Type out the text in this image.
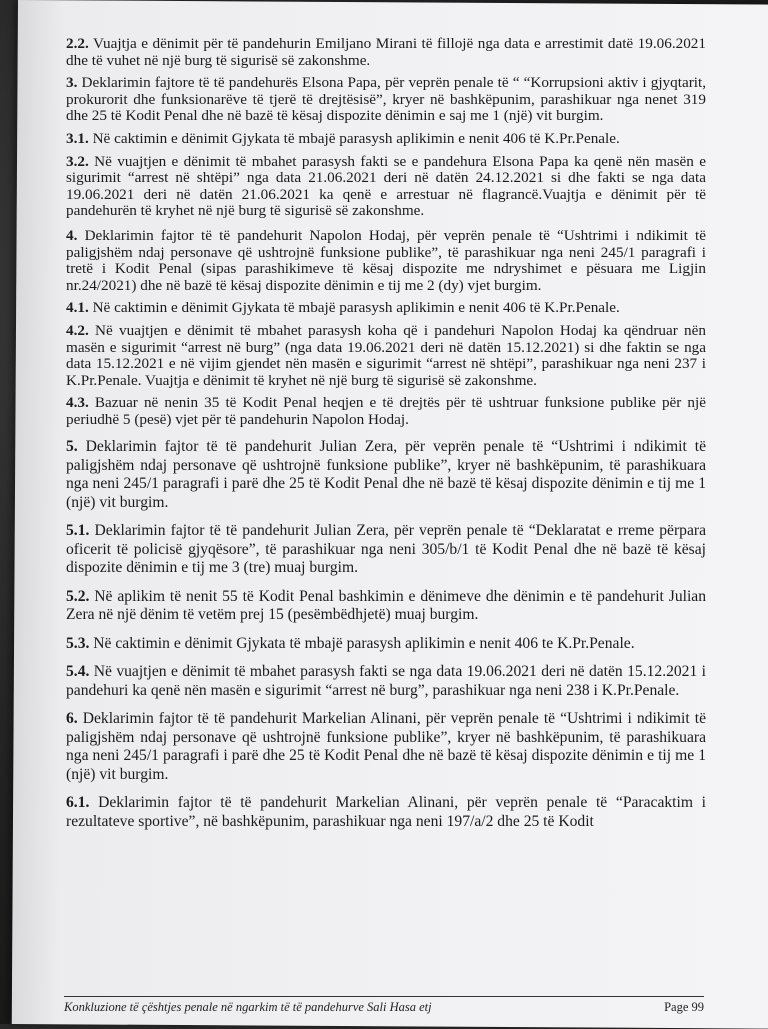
2.2. Vuajtja e dënimit për të pandehurin Emiljano Mirani të fillojë nga data e arrestimit datë 19.06.2021 dhe të vuhet në një burg të sigurisë së zakonshme.

3. Deklarimin fajtore të të pandehurës Elsona Papa, për veprën penale të “ “Korrupsioni aktiv i gjyqtarit, prokurorit dhe funksionarëve të tjerë të drejtësisë”, kryer në bashkëpunim, parashikuar nga nenet 319 dhe 25 të Kodit Penal dhe në bazë të kësaj dispozite dënimin e saj me 1 (një) vit burgim.

3.1. Në caktimin e dënimit Gjykata të mbajë parasysh aplikimin e nenit 406 të K.Pr.Penale.

3.2. Në vuajtjen e dënimit të mbahet parasysh fakti se e pandehura Elsona Papa ka qenë nën masën e sigurimit “arrest në shtëpi” nga data 21.06.2021 deri në datën 24.12.2021 si dhe fakti se nga data 19.06.2021 deri në datën 21.06.2021 ka qenë e arrestuar në flagrancë.Vuajtja e dënimit për të pandehurën të kryhet në një burg të sigurisë së zakonshme.

4. Deklarimin fajtor të të pandehurit Napolon Hodaj, për veprën penale të “Ushtrimi i ndikimit të paligjshëm ndaj personave që ushtrojnë funksione publike”, të parashikuar nga neni 245/1 paragrafi i tretë i Kodit Penal (sipas parashikimeve të kësaj dispozite me ndryshimet e pësuara me Ligjin nr.24/2021) dhe në bazë të kësaj dispozite dënimin e tij me 2 (dy) vjet burgim.

4.1. Në caktimin e dënimit Gjykata të mbajë parasysh aplikimin e nenit 406 të K.Pr.Penale.

4.2. Në vuajtjen e dënimit të mbahet parasysh koha që i pandehuri Napolon Hodaj ka qëndruar nën masën e sigurimit “arrest në burg” (nga data 19.06.2021 deri në datën 15.12.2021) si dhe faktin se nga data 15.12.2021 e në vijim gjendet nën masën e sigurimit “arrest në shtëpi”, parashikuar nga neni 237 i K.Pr.Penale. Vuajtja e dënimit të kryhet në një burg të sigurisë së zakonshme.

4.3. Bazuar në nenin 35 të Kodit Penal heqjen e të drejtës për të ushtruar funksione publike për një periudhë 5 (pesë) vjet për të pandehurin Napolon Hodaj.

5. Deklarimin fajtor të të pandehurit Julian Zera, për veprën penale të “Ushtrimi i ndikimit të paligjshëm ndaj personave që ushtrojnë funksione publike”, kryer në bashkëpunim, të parashikuara nga neni 245/1 paragrafi i parë dhe 25 të Kodit Penal dhe në bazë të kësaj dispozite dënimin e tij me 1 (një) vit burgim.

5.1. Deklarimin fajtor të të pandehurit Julian Zera, për veprën penale të “Deklaratat e rreme përpara oficerit të policisë gjyqësore”, të parashikuar nga neni 305/b/1 të Kodit Penal dhe në bazë të kësaj dispozite dënimin e tij me 3 (tre) muaj burgim.

5.2. Në aplikim të nenit 55 të Kodit Penal bashkimin e dënimeve dhe dënimin e të pandehurit Julian Zera në një dënim të vetëm prej 15 (pesëmbëdhjetë) muaj burgim.

5.3. Në caktimin e dënimit Gjykata të mbajë parasysh aplikimin e nenit 406 te K.Pr.Penale.

5.4. Në vuajtjen e dënimit të mbahet parasysh fakti se nga data 19.06.2021 deri në datën 15.12.2021 i pandehuri ka qenë nën masën e sigurimit “arrest në burg”, parashikuar nga neni 238 i K.Pr.Penale.

6. Deklarimin fajtor të të pandehurit Markelian Alinani, për veprën penale të “Ushtrimi i ndikimit të paligjshëm ndaj personave që ushtrojnë funksione publike”, kryer në bashkëpunim, të parashikuara nga neni 245/1 paragrafi i parë dhe 25 të Kodit Penal dhe në bazë të kësaj dispozite dënimin e tij me 1 (një) vit burgim.

6.1. Deklarimin fajtor të të pandehurit Markelian Alinani, për veprën penale të “Paracaktim i rezultateve sportive”, në bashkëpunim, parashikuar nga neni 197/a/2 dhe 25 të Kodit

Konkluzione të çështjes penale në ngarkim të të pandehurve Sali Hasa etj	Page 99
